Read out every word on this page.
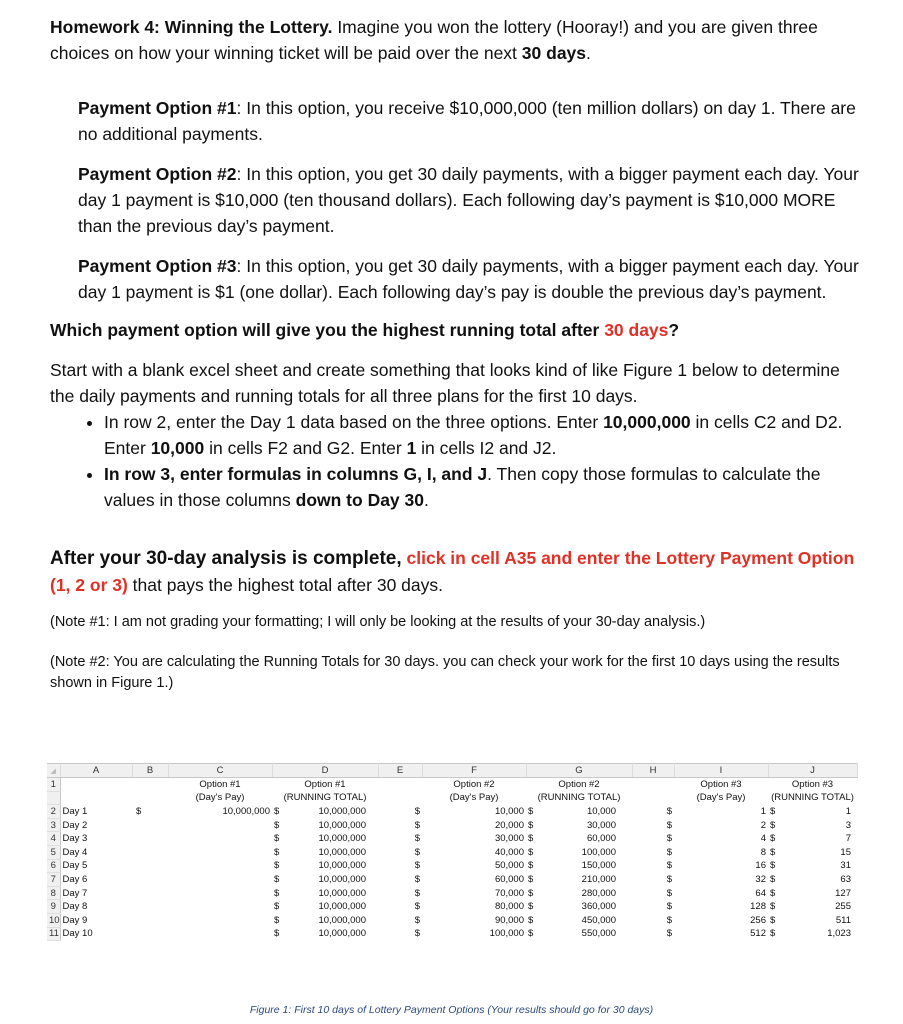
Homework 4: Winning the Lottery. Imagine you won the lottery (Hooray!) and you are given three choices on how your winning ticket will be paid over the next 30 days.

Payment Option #1: In this option, you receive $10,000,000 (ten million dollars) on day 1. There are no additional payments.

Payment Option #2: In this option, you get 30 daily payments, with a bigger payment each day. Your day 1 payment is $10,000 (ten thousand dollars). Each following day’s payment is $10,000 MORE than the previous day’s payment.

Payment Option #3: In this option, you get 30 daily payments, with a bigger payment each day. Your day 1 payment is $1 (one dollar). Each following day’s pay is double the previous day’s payment.

Which payment option will give you the highest running total after 30 days?

Start with a blank excel sheet and create something that looks kind of like Figure 1 below to determine the daily payments and running totals for all three plans for the first 10 days.

• In row 2, enter the Day 1 data based on the three options. Enter 10,000,000 in cells C2 and D2. Enter 10,000 in cells F2 and G2. Enter 1 in cells I2 and J2.
• In row 3, enter formulas in columns G, I, and J. Then copy those formulas to calculate the values in those columns down to Day 30.

After your 30-day analysis is complete, click in cell A35 and enter the Lottery Payment Option (1, 2 or 3) that pays the highest total after 30 days.

(Note #1: I am not grading your formatting; I will only be looking at the results of your 30-day analysis.)

(Note #2: You are calculating the Running Totals for 30 days. you can check your work for the first 10 days using the results shown in Figure 1.)

◢	A	B	C	D	E	F	G	H	I	J
1			Option #1	Option #1		Option #2	Option #2		Option #3	Option #3
			(Day's Pay)	(RUNNING TOTAL)		(Day's Pay)	(RUNNING TOTAL)		(Day's Pay)	(RUNNING TOTAL)
2	Day 1		$ 10,000,000	$ 10,000,000	$	10,000	$ 10,000	$	1	$ 1

3	Day 2			$ 10,000,000	$	20,000	$ 30,000	$	2	$ 3

4	Day 3			$ 10,000,000	$	30,000	$ 60,000	$	4	$ 7

5	Day 4			$ 10,000,000	$	40,000	$ 100,000	$	8	$ 15

6	Day 5			$ 10,000,000	$	50,000	$ 150,000	$	16	$ 31

7	Day 6			$ 10,000,000	$	60,000	$ 210,000	$	32	$ 63

8	Day 7			$ 10,000,000	$	70,000	$ 280,000	$	64	$ 127

9	Day 8			$ 10,000,000	$	80,000	$ 360,000	$	128	$ 255

10	Day 9			$ 10,000,000	$	90,000	$ 450,000	$	256	$ 511

11	Day 10			$ 10,000,000	$	100,000	$ 550,000	$	512	$ 1,023
Figure 1: First 10 days of Lottery Payment Options (Your results should go for 30 days)
